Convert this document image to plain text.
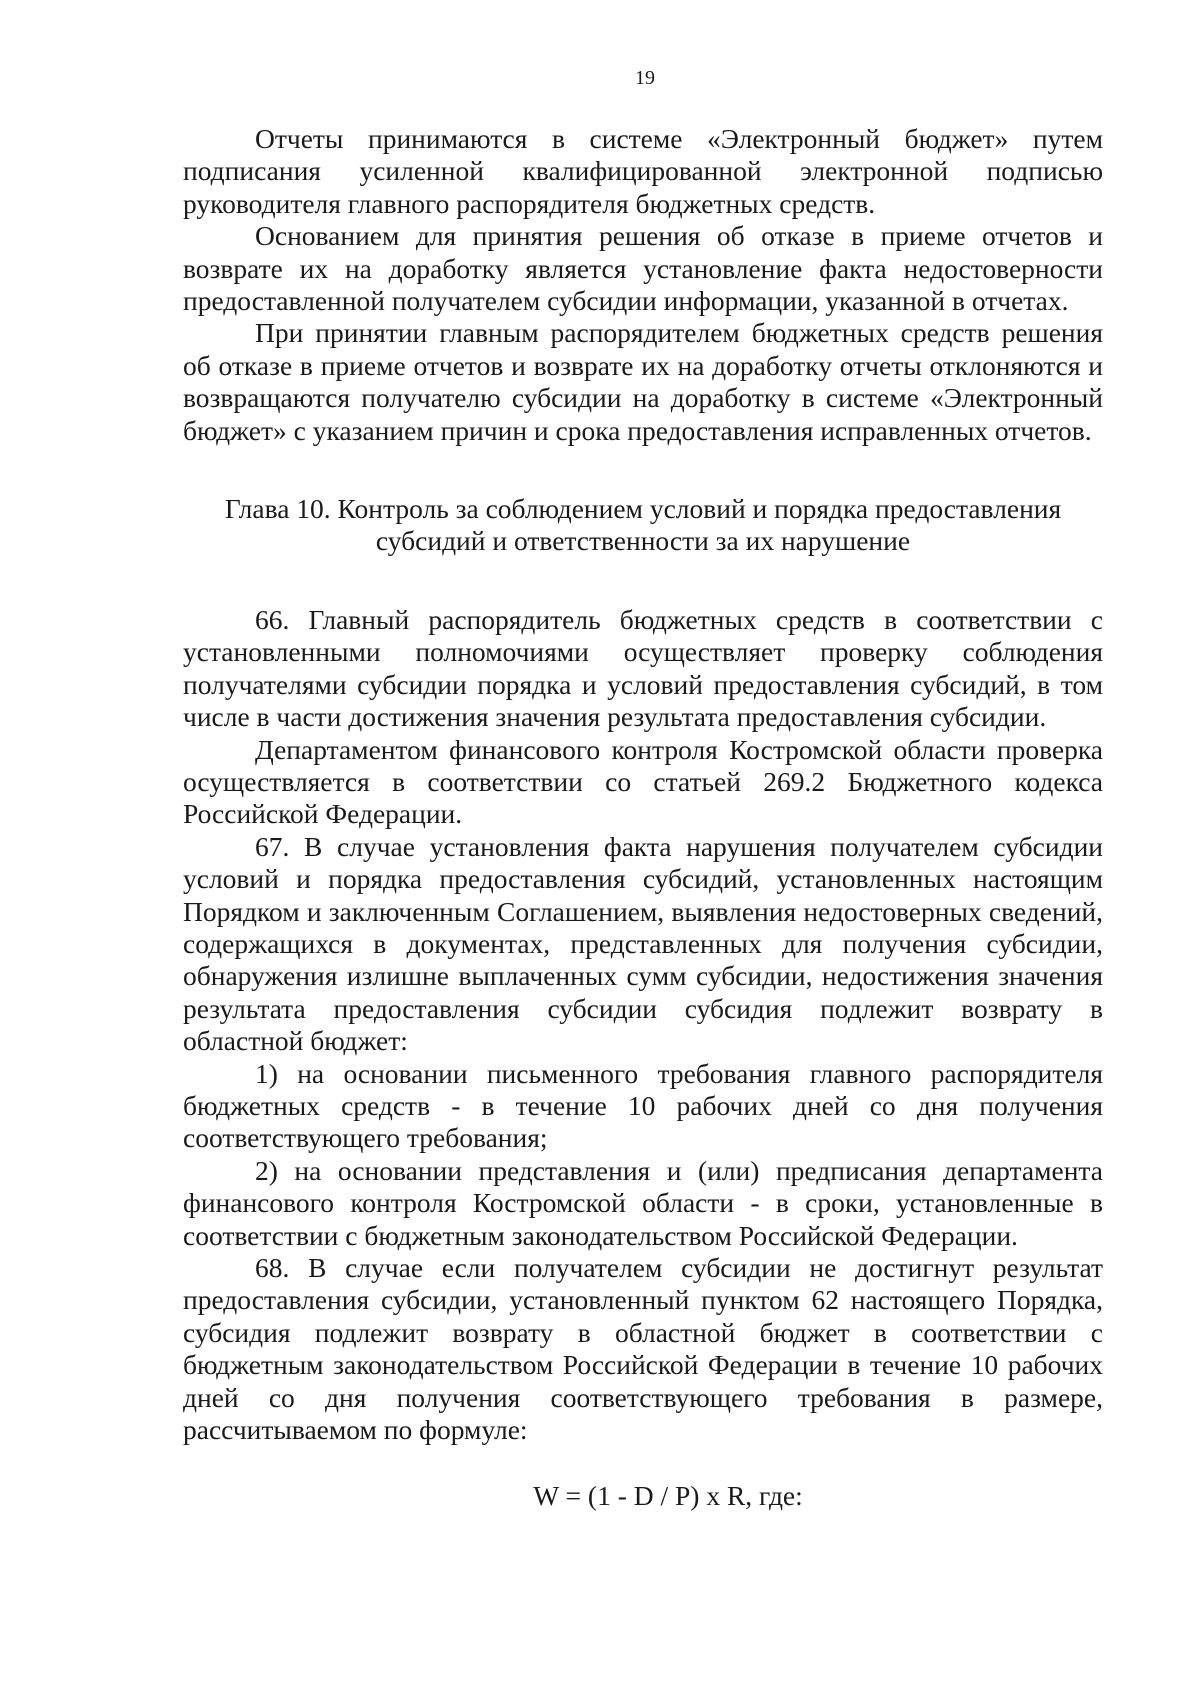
19

Отчеты принимаются в системе «Электронный бюджет» путем подписания усиленной квалифицированной электронной подписью руководителя главного распорядителя бюджетных средств.

Основанием для принятия решения об отказе в приеме отчетов и возврате их на доработку является установление факта недостоверности предоставленной получателем субсидии информации, указанной в отчетах.

При принятии главным распорядителем бюджетных средств решения об отказе в приеме отчетов и возврате их на доработку отчеты отклоняются и возвращаются получателю субсидии на доработку в системе «Электронный бюджет» с указанием причин и срока предоставления исправленных отчетов.

Глава 10. Контроль за соблюдением условий и порядка предоставления
субсидий и ответственности за их нарушение

66. Главный распорядитель бюджетных средств в соответствии с установленными полномочиями осуществляет проверку соблюдения получателями субсидии порядка и условий предоставления субсидий, в том числе в части достижения значения результата предоставления субсидии.

Департаментом финансового контроля Костромской области проверка осуществляется в соответствии со статьей 269.2 Бюджетного кодекса Российской Федерации.

67. В случае установления факта нарушения получателем субсидии условий и порядка предоставления субсидий, установленных настоящим Порядком и заключенным Соглашением, выявления недостоверных сведений, содержащихся в документах, представленных для получения субсидии, обнаружения излишне выплаченных сумм субсидии, недостижения значения результата предоставления субсидии субсидия подлежит возврату в областной бюджет:

1) на основании письменного требования главного распорядителя бюджетных средств - в течение 10 рабочих дней со дня получения соответствующего требования;

2) на основании представления и (или) предписания департамента финансового контроля Костромской области - в сроки, установленные в соответствии с бюджетным законодательством Российской Федерации.

68. В случае если получателем субсидии не достигнут результат предоставления субсидии, установленный пунктом 62 настоящего Порядка, субсидия подлежит возврату в областной бюджет в соответствии с бюджетным законодательством Российской Федерации в течение 10 рабочих дней со дня получения соответствующего требования в размере, рассчитываемом по формуле:

W = (1 - D / P) x R, где:
